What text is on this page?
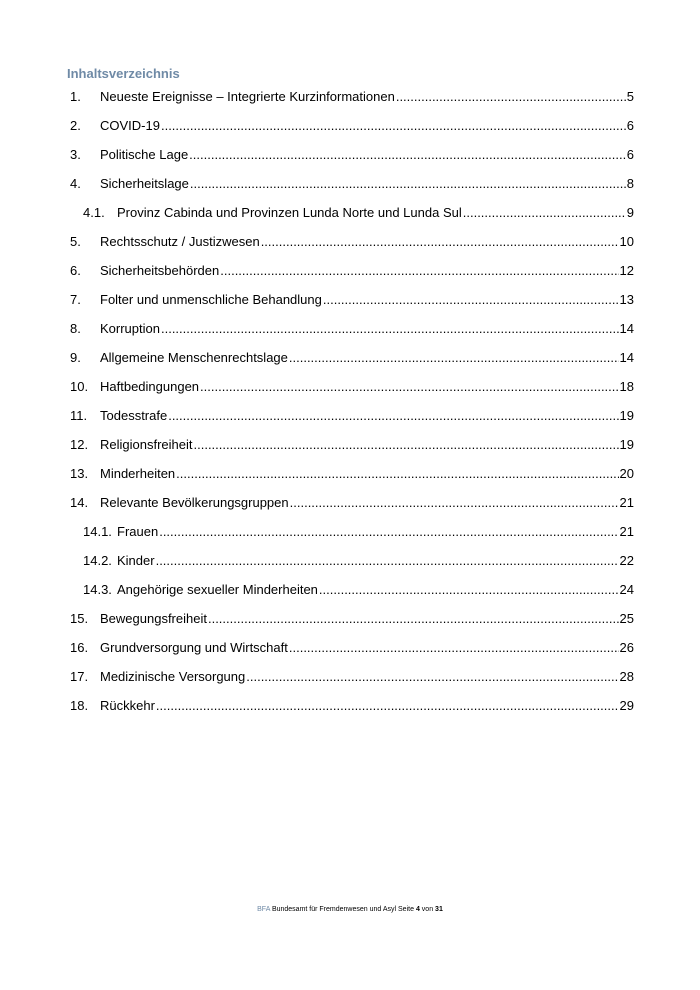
Inhaltsverzeichnis
1.	Neueste Ereignisse – Integrierte Kurzinformationen .....	5
2.	COVID-19 .....	6
3.	Politische Lage .....	6
4.	Sicherheitslage .....	8
4.1. Provinz Cabinda und Provinzen Lunda Norte und Lunda Sul .....	9
5.	Rechtsschutz / Justizwesen .....	10
6.	Sicherheitsbehörden .....	12
7.	Folter und unmenschliche Behandlung .....	13
8.	Korruption .....	14
9.	Allgemeine Menschenrechtslage .....	14
10. Haftbedingungen .....	18
11. Todesstrafe .....	19
12. Religionsfreiheit .....	19
13. Minderheiten .....	20
14. Relevante Bevölkerungsgruppen .....	21
14.1. Frauen .....	21
14.2. Kinder .....	22
14.3. Angehörige sexueller Minderheiten .....	24
15. Bewegungsfreiheit .....	25
16. Grundversorgung und Wirtschaft .....	26
17. Medizinische Versorgung .....	28
18. Rückkehr .....	29
BFA Bundesamt für Fremdenwesen und Asyl Seite 4 von 31
